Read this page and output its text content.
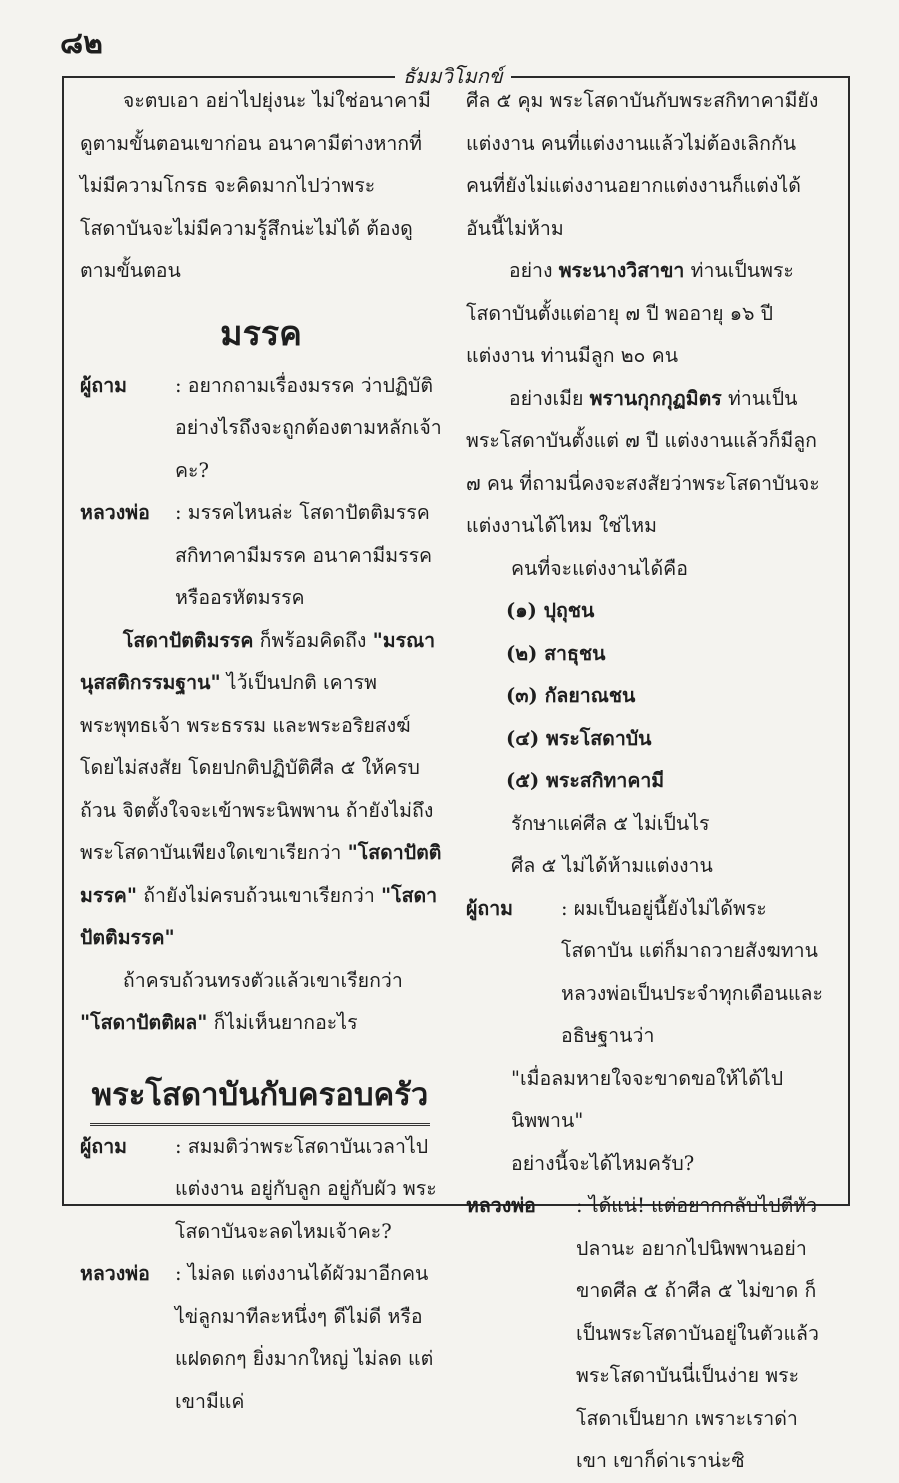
๘๒
ธัมมวิโมกข์

จะตบเอา อย่าไปยุ่งนะ ไม่ใช่อนาคามี ดูตามขั้นตอนเขาก่อน อนาคามีต่างหากที่ไม่มีความโกรธ จะคิดมากไปว่าพระโสดาบันจะไม่มีความรู้สึกน่ะไม่ได้ ต้องดูตามขั้นตอน

มรรค

ผู้ถาม : อยากถามเรื่องมรรค ว่าปฏิบัติอย่างไรถึงจะถูกต้องตามหลักเจ้าคะ?

หลวงพ่อ : มรรคไหนล่ะ โสดาปัตติมรรค สกิทาคามีมรรค อนาคามีมรรค หรืออรหัตมรรค

โสดาปัตติมรรค ก็พร้อมคิดถึง "มรณานุสสติกรรมฐาน" ไว้เป็นปกติ เคารพพระพุทธเจ้า พระธรรม และพระอริยสงฆ์โดยไม่สงสัย โดยปกติปฏิบัติศีล ๕ ให้ครบถ้วน จิตตั้งใจจะเข้าพระนิพพาน ถ้ายังไม่ถึงพระโสดาบันเพียงใดเขาเรียกว่า "โสดาปัตติมรรค" ถ้ายังไม่ครบถ้วนเขาเรียกว่า "โสดาปัตติมรรค"

ถ้าครบถ้วนทรงตัวแล้วเขาเรียกว่า "โสดาปัตติผล" ก็ไม่เห็นยากอะไร

พระโสดาบันกับครอบครัว

ผู้ถาม : สมมติว่าพระโสดาบันเวลาไปแต่งงาน อยู่กับลูก อยู่กับผัว พระโสดาบันจะลดไหมเจ้าคะ?

หลวงพ่อ : ไม่ลด แต่งงานได้ผัวมาอีกคน ไข่ลูกมาทีละหนึ่งๆ ดีไม่ดี หรือแฝดดกๆ ยิ่งมากใหญ่ ไม่ลด แต่เขามีแค่

ศีล ๕ คุม พระโสดาบันกับพระสกิทาคามียังแต่งงาน คนที่แต่งงานแล้วไม่ต้องเลิกกัน คนที่ยังไม่แต่งงานอยากแต่งงานก็แต่งได้ อันนี้ไม่ห้าม

อย่าง พระนางวิสาขา ท่านเป็นพระโสดาบันตั้งแต่อายุ ๗ ปี พออายุ ๑๖ ปี แต่งงาน ท่านมีลูก ๒๐ คน

อย่างเมีย พรานกุกกุฏมิตร ท่านเป็นพระโสดาบันตั้งแต่ ๗ ปี แต่งงานแล้วก็มีลูก ๗ คน ที่ถามนี่คงจะสงสัยว่าพระโสดาบันจะแต่งงานได้ไหม ใช่ไหม

คนที่จะแต่งงานได้คือ

(๑) ปุถุชน

(๒) สาธุชน

(๓) กัลยาณชน

(๔) พระโสดาบัน

(๕) พระสกิทาคามี

รักษาแค่ศีล ๕ ไม่เป็นไร

ศีล ๕ ไม่ได้ห้ามแต่งงาน

ผู้ถาม : ผมเป็นอยู่นี้ยังไม่ได้พระโสดาบัน แต่ก็มาถวายสังฆทานหลวงพ่อเป็นประจำทุกเดือนและอธิษฐานว่า

"เมื่อลมหายใจจะขาดขอให้ได้ไปนิพพาน"

อย่างนี้จะได้ไหมครับ?

หลวงพ่อ : ได้แน่! แต่อยากกลับไปตีหัวปลานะ อยากไปนิพพานอย่าขาดศีล ๕ ถ้าศีล ๕ ไม่ขาด ก็เป็นพระโสดาบันอยู่ในตัวแล้ว พระโสดาบันนี่เป็นง่าย พระโสดาเป็นยาก เพราะเราด่าเขา เขาก็ด่าเราน่ะซิ
